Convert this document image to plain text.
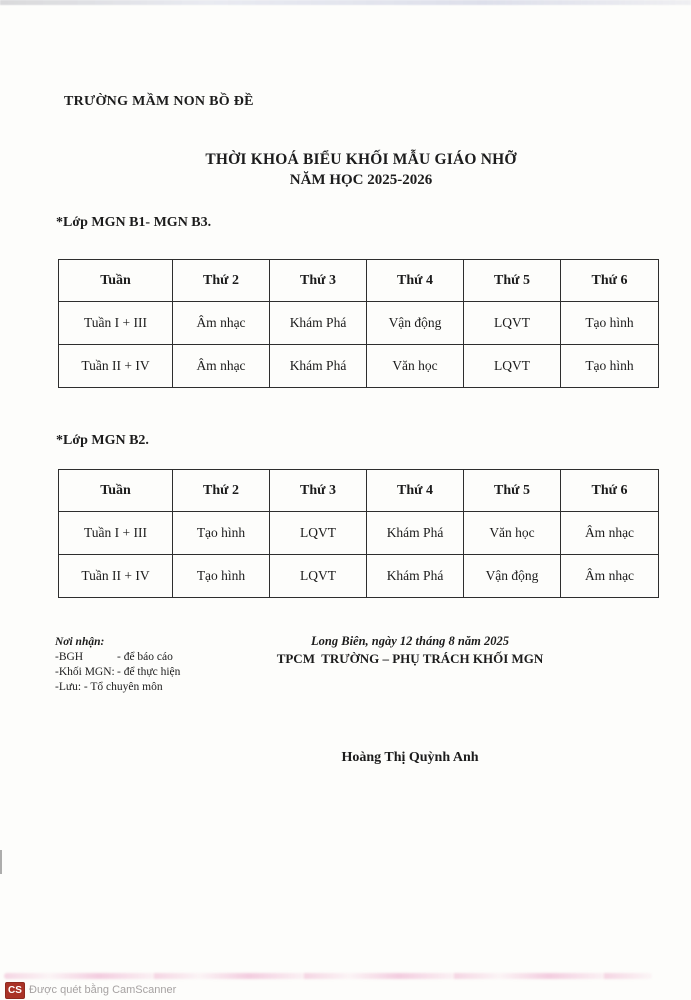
TRƯỜNG MẦM NON BỒ ĐỀ
THỜI KHOÁ BIỂU KHỐI MẪU GIÁO NHỠ
NĂM HỌC 2025-2026
*Lớp MGN B1- MGN B3.
Tuần	Thứ 2	Thứ 3	Thứ 4	Thứ 5	Thứ 6
Tuần I + III	Âm nhạc	Khám Phá	Vận động	LQVT	Tạo hình
Tuần II + IV	Âm nhạc	Khám Phá	Văn học	LQVT	Tạo hình
*Lớp MGN B2.
Tuần	Thứ 2	Thứ 3	Thứ 4	Thứ 5	Thứ 6
Tuần I + III	Tạo hình	LQVT	Khám Phá	Văn học	Âm nhạc
Tuần II + IV	Tạo hình	LQVT	Khám Phá	Vận động	Âm nhạc
Nơi nhận:
-BGH	- để báo cáo
-Khối MGN: - để thực hiện
-Lưu: - Tổ chuyên môn
Long Biên, ngày 12 tháng 8 năm 2025
TPCM  TRƯỜNG – PHỤ TRÁCH KHỐI MGN
Hoàng Thị Quỳnh Anh
CS Được quét bằng CamScanner
